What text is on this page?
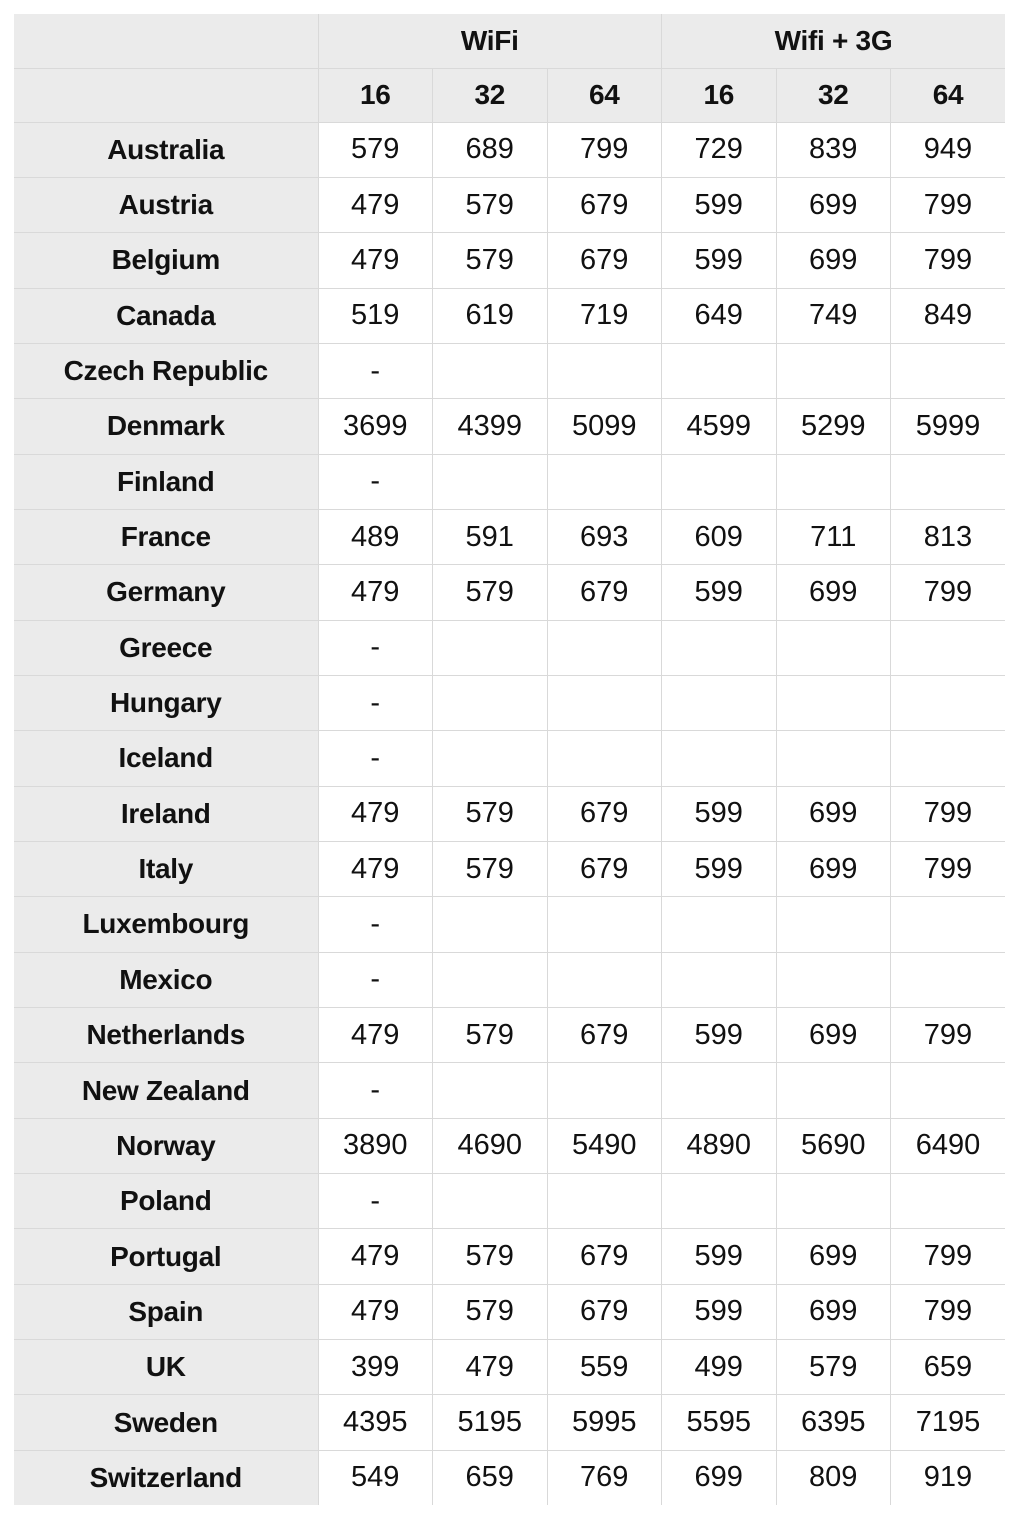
	WiFi			Wifi + 3G		
	16	32	64	16	32	64
Australia	579	689	799	729	839	949
Austria	479	579	679	599	699	799
Belgium	479	579	679	599	699	799
Canada	519	619	719	649	749	849
Czech Republic	-					
Denmark	3699	4399	5099	4599	5299	5999
Finland	-					
France	489	591	693	609	711	813
Germany	479	579	679	599	699	799
Greece	-					
Hungary	-					
Iceland	-					
Ireland	479	579	679	599	699	799
Italy	479	579	679	599	699	799
Luxembourg	-					
Mexico	-					
Netherlands	479	579	679	599	699	799
New Zealand	-					
Norway	3890	4690	5490	4890	5690	6490
Poland	-					
Portugal	479	579	679	599	699	799
Spain	479	579	679	599	699	799
UK	399	479	559	499	579	659
Sweden	4395	5195	5995	5595	6395	7195
Switzerland	549	659	769	699	809	919
